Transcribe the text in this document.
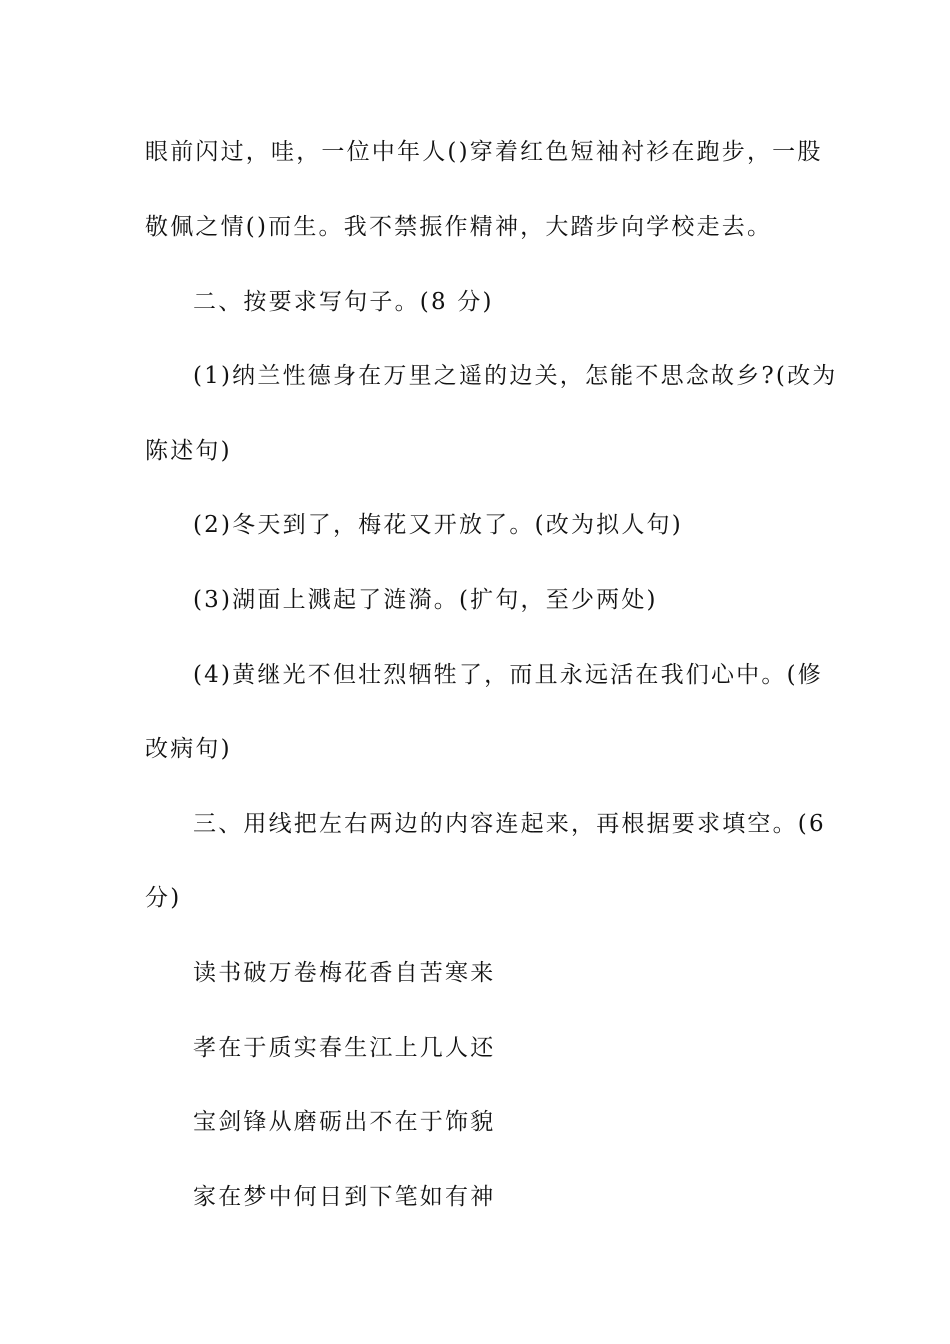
眼前闪过，哇，一位中年人()穿着红色短袖衬衫在跑步，一股
敬佩之情()而生。我不禁振作精神，大踏步向学校走去。
二、按要求写句子。(8 分)
(1)纳兰性德身在万里之遥的边关，怎能不思念故乡?(改为
陈述句)
(2)冬天到了，梅花又开放了。(改为拟人句)
(3)湖面上溅起了涟漪。(扩句，至少两处)
(4)黄继光不但壮烈牺牲了，而且永远活在我们心中。(修
改病句)
三、用线把左右两边的内容连起来，再根据要求填空。(6
分)
读书破万卷梅花香自苦寒来
孝在于质实春生江上几人还
宝剑锋从磨砺出不在于饰貌
家在梦中何日到下笔如有神
